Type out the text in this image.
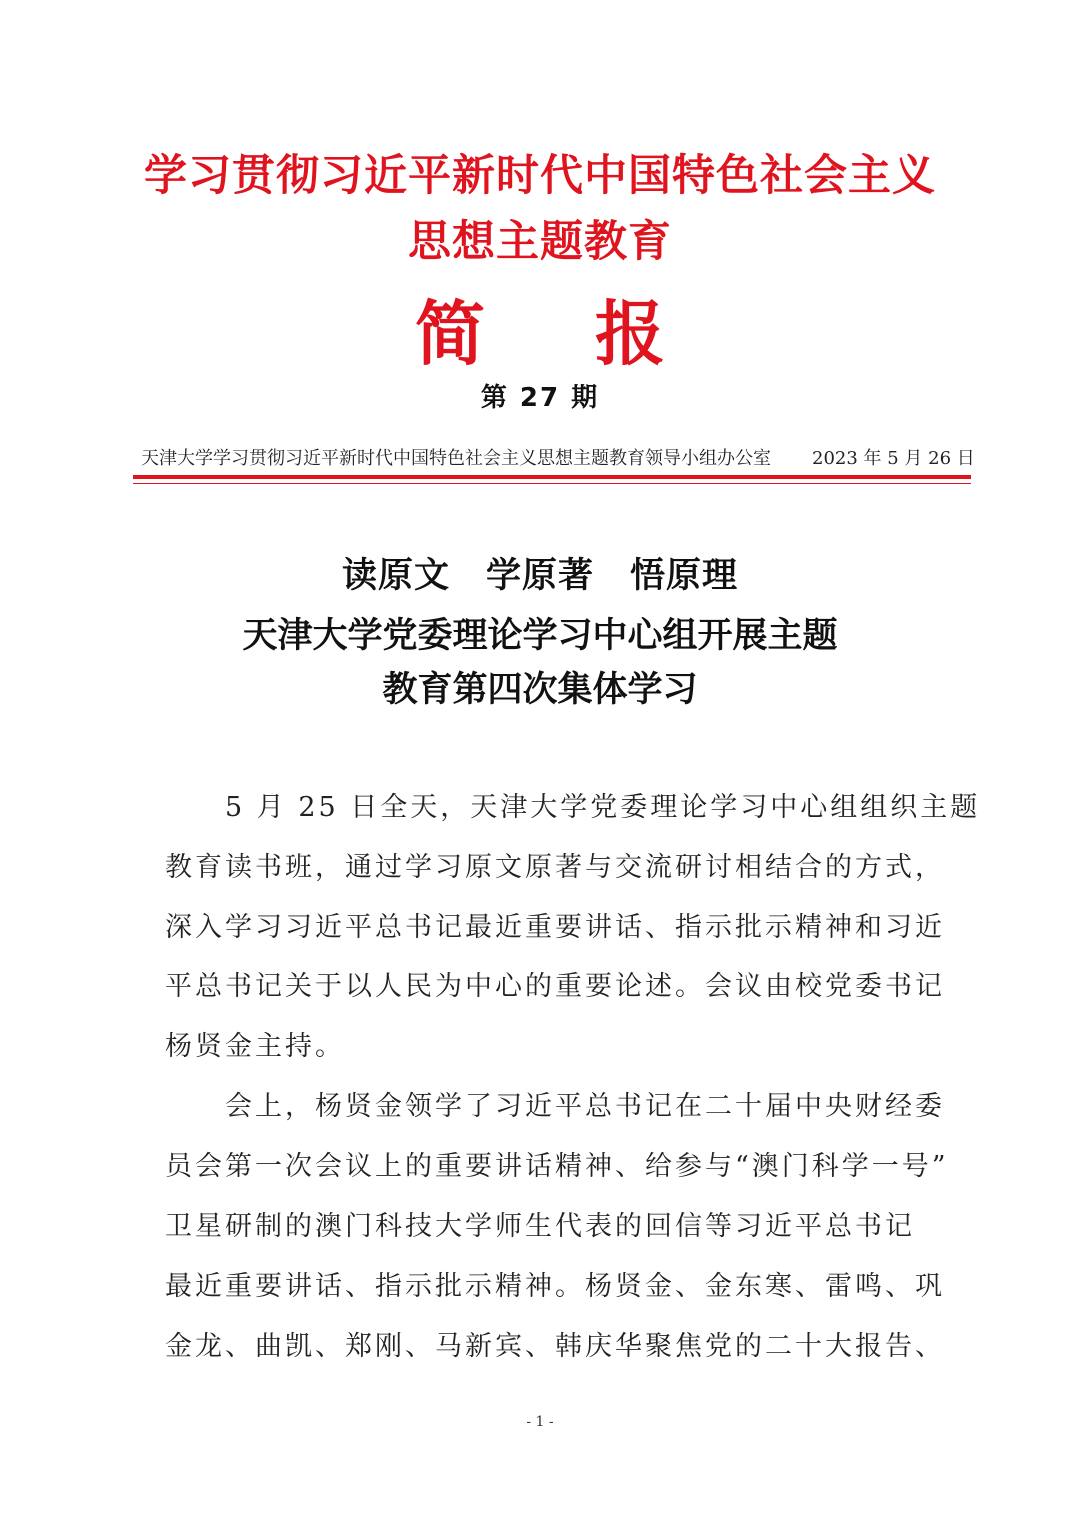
学习贯彻习近平新时代中国特色社会主义
思想主题教育
简 报
第 27 期
天津大学学习贯彻习近平新时代中国特色社会主义思想主题教育领导小组办公室 2023 年 5 月 26 日
读原文 学原著 悟原理
天津大学党委理论学习中心组开展主题
教育第四次集体学习
　　5 月 25 日全天，天津大学党委理论学习中心组组织主题
教育读书班，通过学习原文原著与交流研讨相结合的方式，
深入学习习近平总书记最近重要讲话、指示批示精神和习近
平总书记关于以人民为中心的重要论述。会议由校党委书记
杨贤金主持。
　　会上，杨贤金领学了习近平总书记在二十届中央财经委
员会第一次会议上的重要讲话精神、给参与“澳门科学一号”
卫星研制的澳门科技大学师生代表的回信等习近平总书记
最近重要讲话、指示批示精神。杨贤金、金东寒、雷鸣、巩
金龙、曲凯、郑刚、马新宾、韩庆华聚焦党的二十大报告、
- 1 -
